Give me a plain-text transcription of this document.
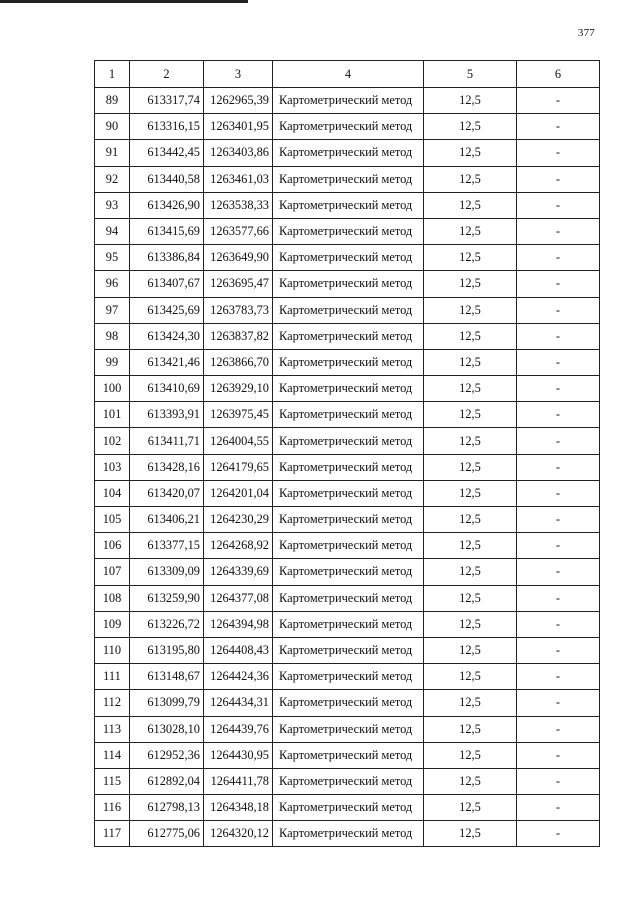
377
1	2	3	4	5	6
89	613317,74	1262965,39	Картометрический метод	12,5	-
90	613316,15	1263401,95	Картометрический метод	12,5	-
91	613442,45	1263403,86	Картометрический метод	12,5	-
92	613440,58	1263461,03	Картометрический метод	12,5	-
93	613426,90	1263538,33	Картометрический метод	12,5	-
94	613415,69	1263577,66	Картометрический метод	12,5	-
95	613386,84	1263649,90	Картометрический метод	12,5	-
96	613407,67	1263695,47	Картометрический метод	12,5	-
97	613425,69	1263783,73	Картометрический метод	12,5	-
98	613424,30	1263837,82	Картометрический метод	12,5	-
99	613421,46	1263866,70	Картометрический метод	12,5	-
100	613410,69	1263929,10	Картометрический метод	12,5	-
101	613393,91	1263975,45	Картометрический метод	12,5	-
102	613411,71	1264004,55	Картометрический метод	12,5	-
103	613428,16	1264179,65	Картометрический метод	12,5	-
104	613420,07	1264201,04	Картометрический метод	12,5	-
105	613406,21	1264230,29	Картометрический метод	12,5	-
106	613377,15	1264268,92	Картометрический метод	12,5	-
107	613309,09	1264339,69	Картометрический метод	12,5	-
108	613259,90	1264377,08	Картометрический метод	12,5	-
109	613226,72	1264394,98	Картометрический метод	12,5	-
110	613195,80	1264408,43	Картометрический метод	12,5	-
111	613148,67	1264424,36	Картометрический метод	12,5	-
112	613099,79	1264434,31	Картометрический метод	12,5	-
113	613028,10	1264439,76	Картометрический метод	12,5	-
114	612952,36	1264430,95	Картометрический метод	12,5	-
115	612892,04	1264411,78	Картометрический метод	12,5	-
116	612798,13	1264348,18	Картометрический метод	12,5	-
117	612775,06	1264320,12	Картометрический метод	12,5	-
